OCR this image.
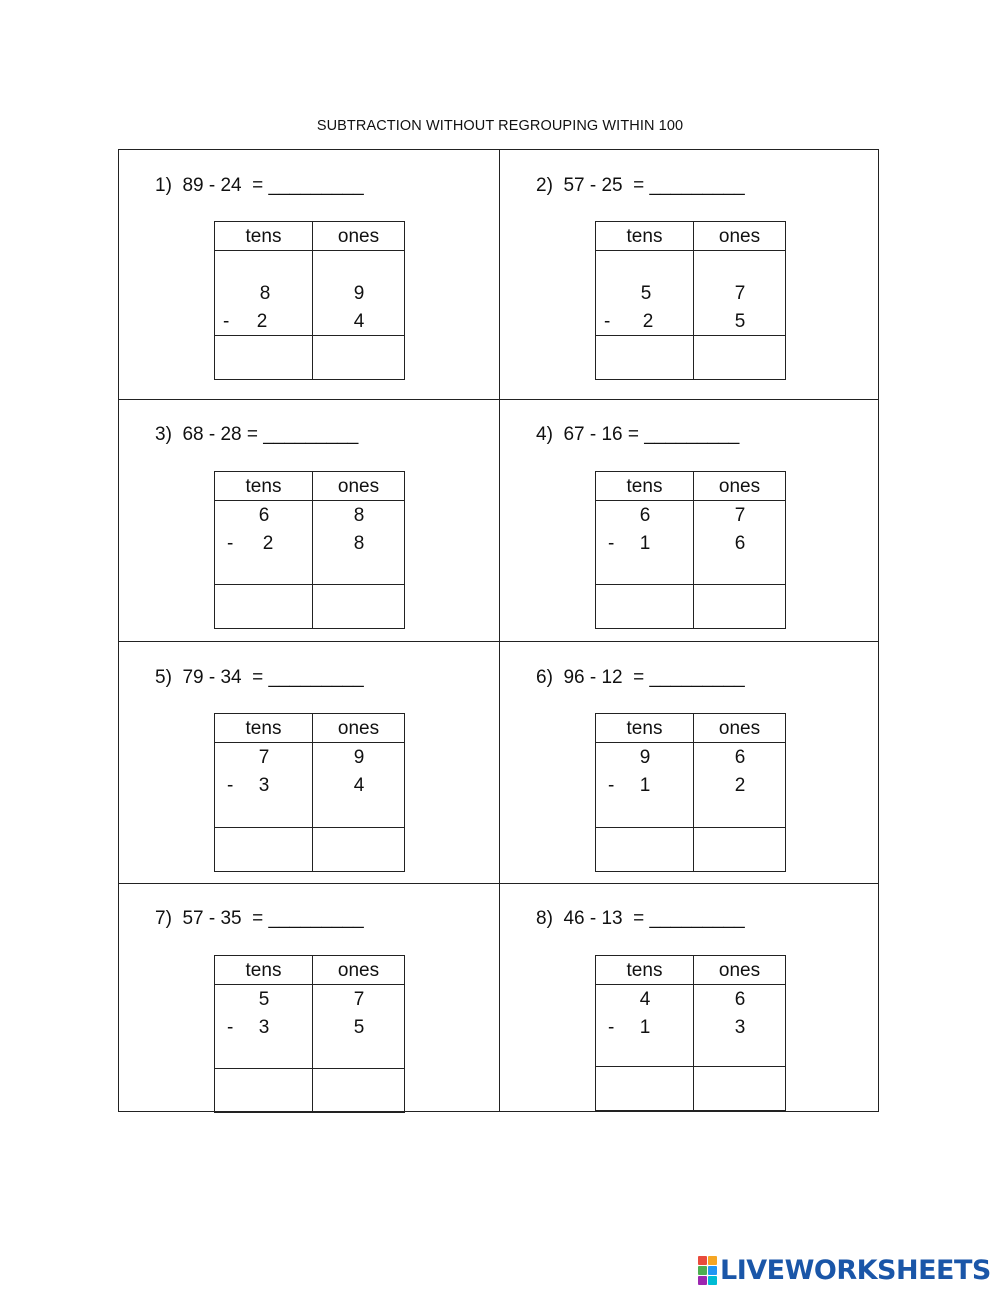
SUBTRACTION WITHOUT REGROUPING WITHIN 100
1) 89 - 24  = _________
tens	ones
8	9
- 2	4
2) 57 - 25  = _________
tens	ones
5	7
- 2	5
3) 68 - 28 = _________
tens	ones
6	8
- 2	8
4) 67 - 16 = _________
tens	ones
6	7
- 1	6
5) 79 - 34  = _________
tens	ones
7	9
- 3	4
6) 96 - 12  = _________
tens	ones
9	6
- 1	2
7) 57 - 35  = _________
tens	ones
5	7
- 3	5
8) 46 - 13  = _________
tens	ones
4	6
- 1	3
LIVEWORKSHEETS
